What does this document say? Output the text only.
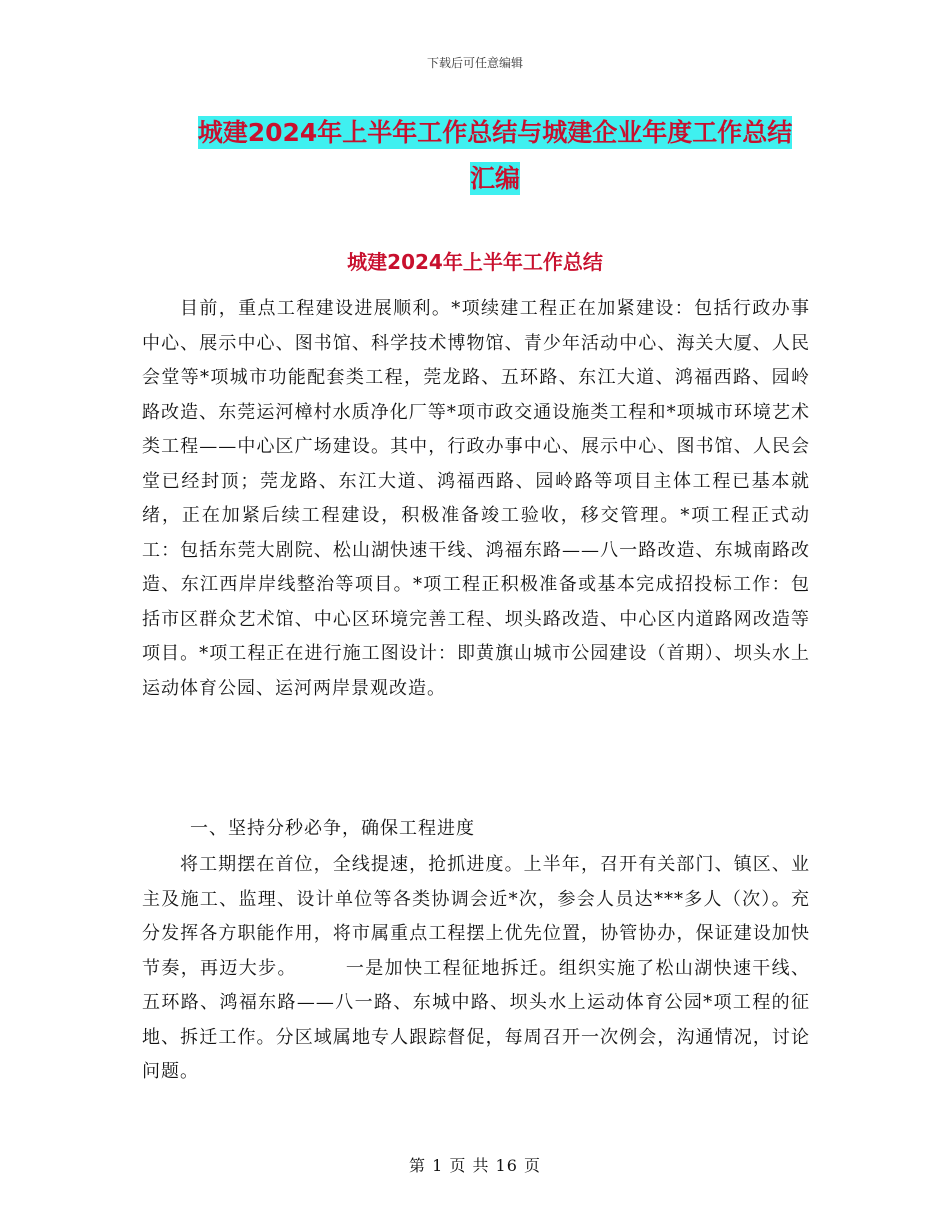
下载后可任意编辑
城建2024年上半年工作总结与城建企业年度工作总结
汇编
城建2024年上半年工作总结

目前，重点工程建设进展顺利。*项续建工程正在加紧建设：包括行政办事中心、展示中心、图书馆、科学技术博物馆、青少年活动中心、海关大厦、人民会堂等*项城市功能配套类工程，莞龙路、五环路、东江大道、鸿福西路、园岭路改造、东莞运河樟村水质净化厂等*项市政交通设施类工程和*项城市环境艺术类工程——中心区广场建设。其中，行政办事中心、展示中心、图书馆、人民会堂已经封顶；莞龙路、东江大道、鸿福西路、园岭路等项目主体工程已基本就绪，正在加紧后续工程建设，积极准备竣工验收，移交管理。*项工程正式动工：包括东莞大剧院、松山湖快速干线、鸿福东路——八一路改造、东城南路改造、东江西岸岸线整治等项目。*项工程正积极准备或基本完成招投标工作：包括市区群众艺术馆、中心区环境完善工程、坝头路改造、中心区内道路网改造等项目。*项工程正在进行施工图设计：即黄旗山城市公园建设（首期）、坝头水上运动体育公园、运河两岸景观改造。

一、坚持分秒必争，确保工程进度

将工期摆在首位，全线提速，抢抓进度。上半年，召开有关部门、镇区、业主及施工、监理、设计单位等各类协调会近*次，参会人员达***多人（次）。充分发挥各方职能作用，将市属重点工程摆上优先位置，协管协办，保证建设加快节奏，再迈大步。　　　一是加快工程征地拆迁。组织实施了松山湖快速干线、五环路、鸿福东路——八一路、东城中路、坝头水上运动体育公园*项工程的征地、拆迁工作。分区域属地专人跟踪督促，每周召开一次例会，沟通情况，讨论问题。

第 1 页 共 16 页
